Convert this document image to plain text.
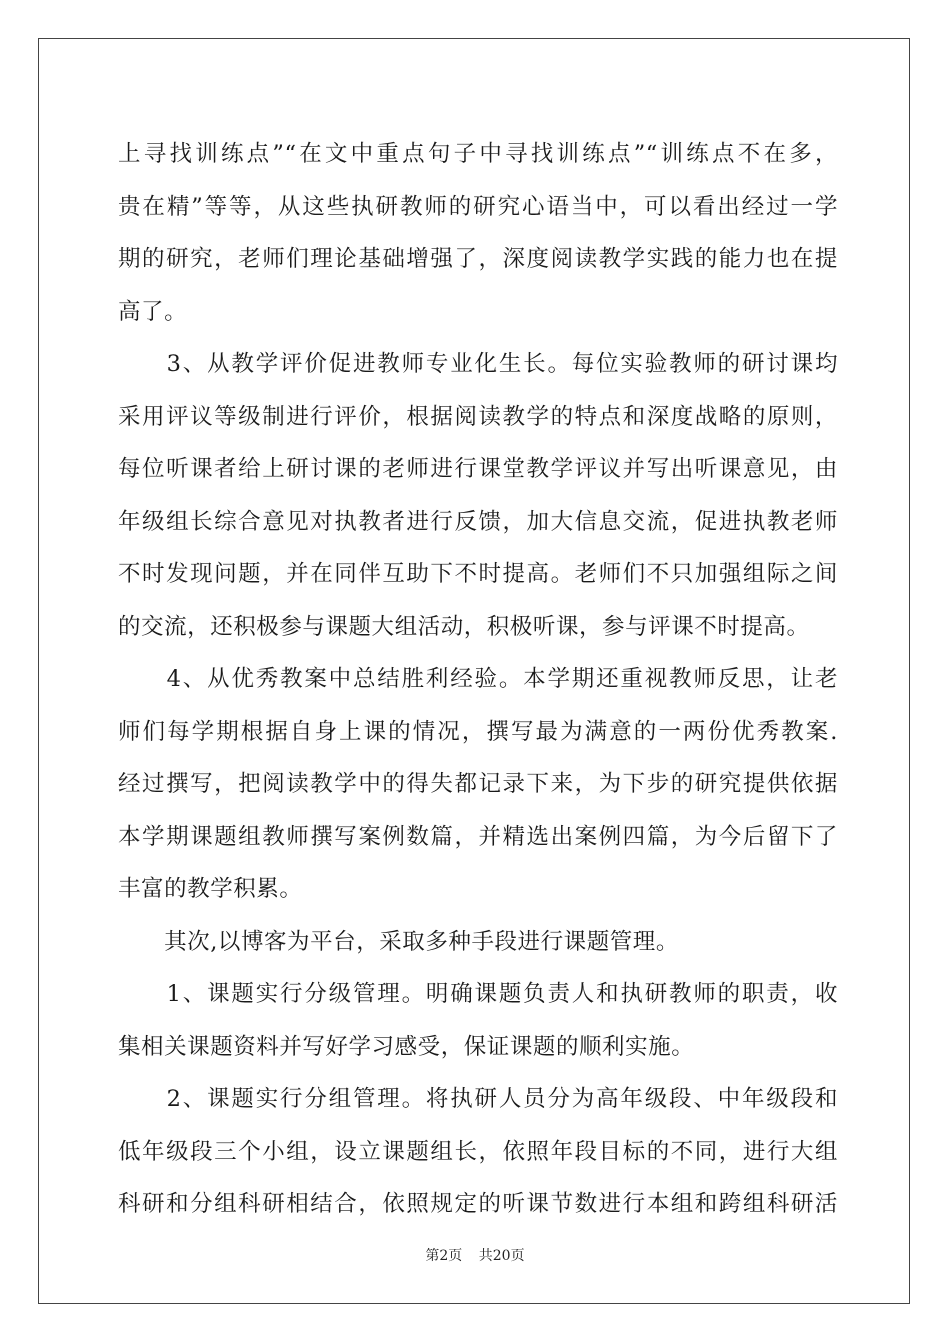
上寻找训练点”“在文中重点句子中寻找训练点”“训练点不在多，
贵在精”等等，从这些执研教师的研究心语当中，可以看出经过一学
期的研究，老师们理论基础增强了，深度阅读教学实践的能力也在提
高了。
　　3、从教学评价促进教师专业化生长。每位实验教师的研讨课均
采用评议等级制进行评价，根据阅读教学的特点和深度战略的原则，
每位听课者给上研讨课的老师进行课堂教学评议并写出听课意见，由
年级组长综合意见对执教者进行反馈，加大信息交流，促进执教老师
不时发现问题，并在同伴互助下不时提高。老师们不只加强组际之间
的交流，还积极参与课题大组活动，积极听课，参与评课不时提高。
　　4、从优秀教案中总结胜利经验。本学期还重视教师反思，让老
师们每学期根据自身上课的情况，撰写最为满意的一两份优秀教案.
经过撰写，把阅读教学中的得失都记录下来，为下步的研究提供依据
本学期课题组教师撰写案例数篇，并精选出案例四篇，为今后留下了
丰富的教学积累。
　　其次,以博客为平台，采取多种手段进行课题管理。
　　1、课题实行分级管理。明确课题负责人和执研教师的职责，收
集相关课题资料并写好学习感受，保证课题的顺利实施。
　　2、课题实行分组管理。将执研人员分为高年级段、中年级段和
低年级段三个小组，设立课题组长，依照年段目标的不同，进行大组
科研和分组科研相结合，依照规定的听课节数进行本组和跨组科研活
第2页 共20页
